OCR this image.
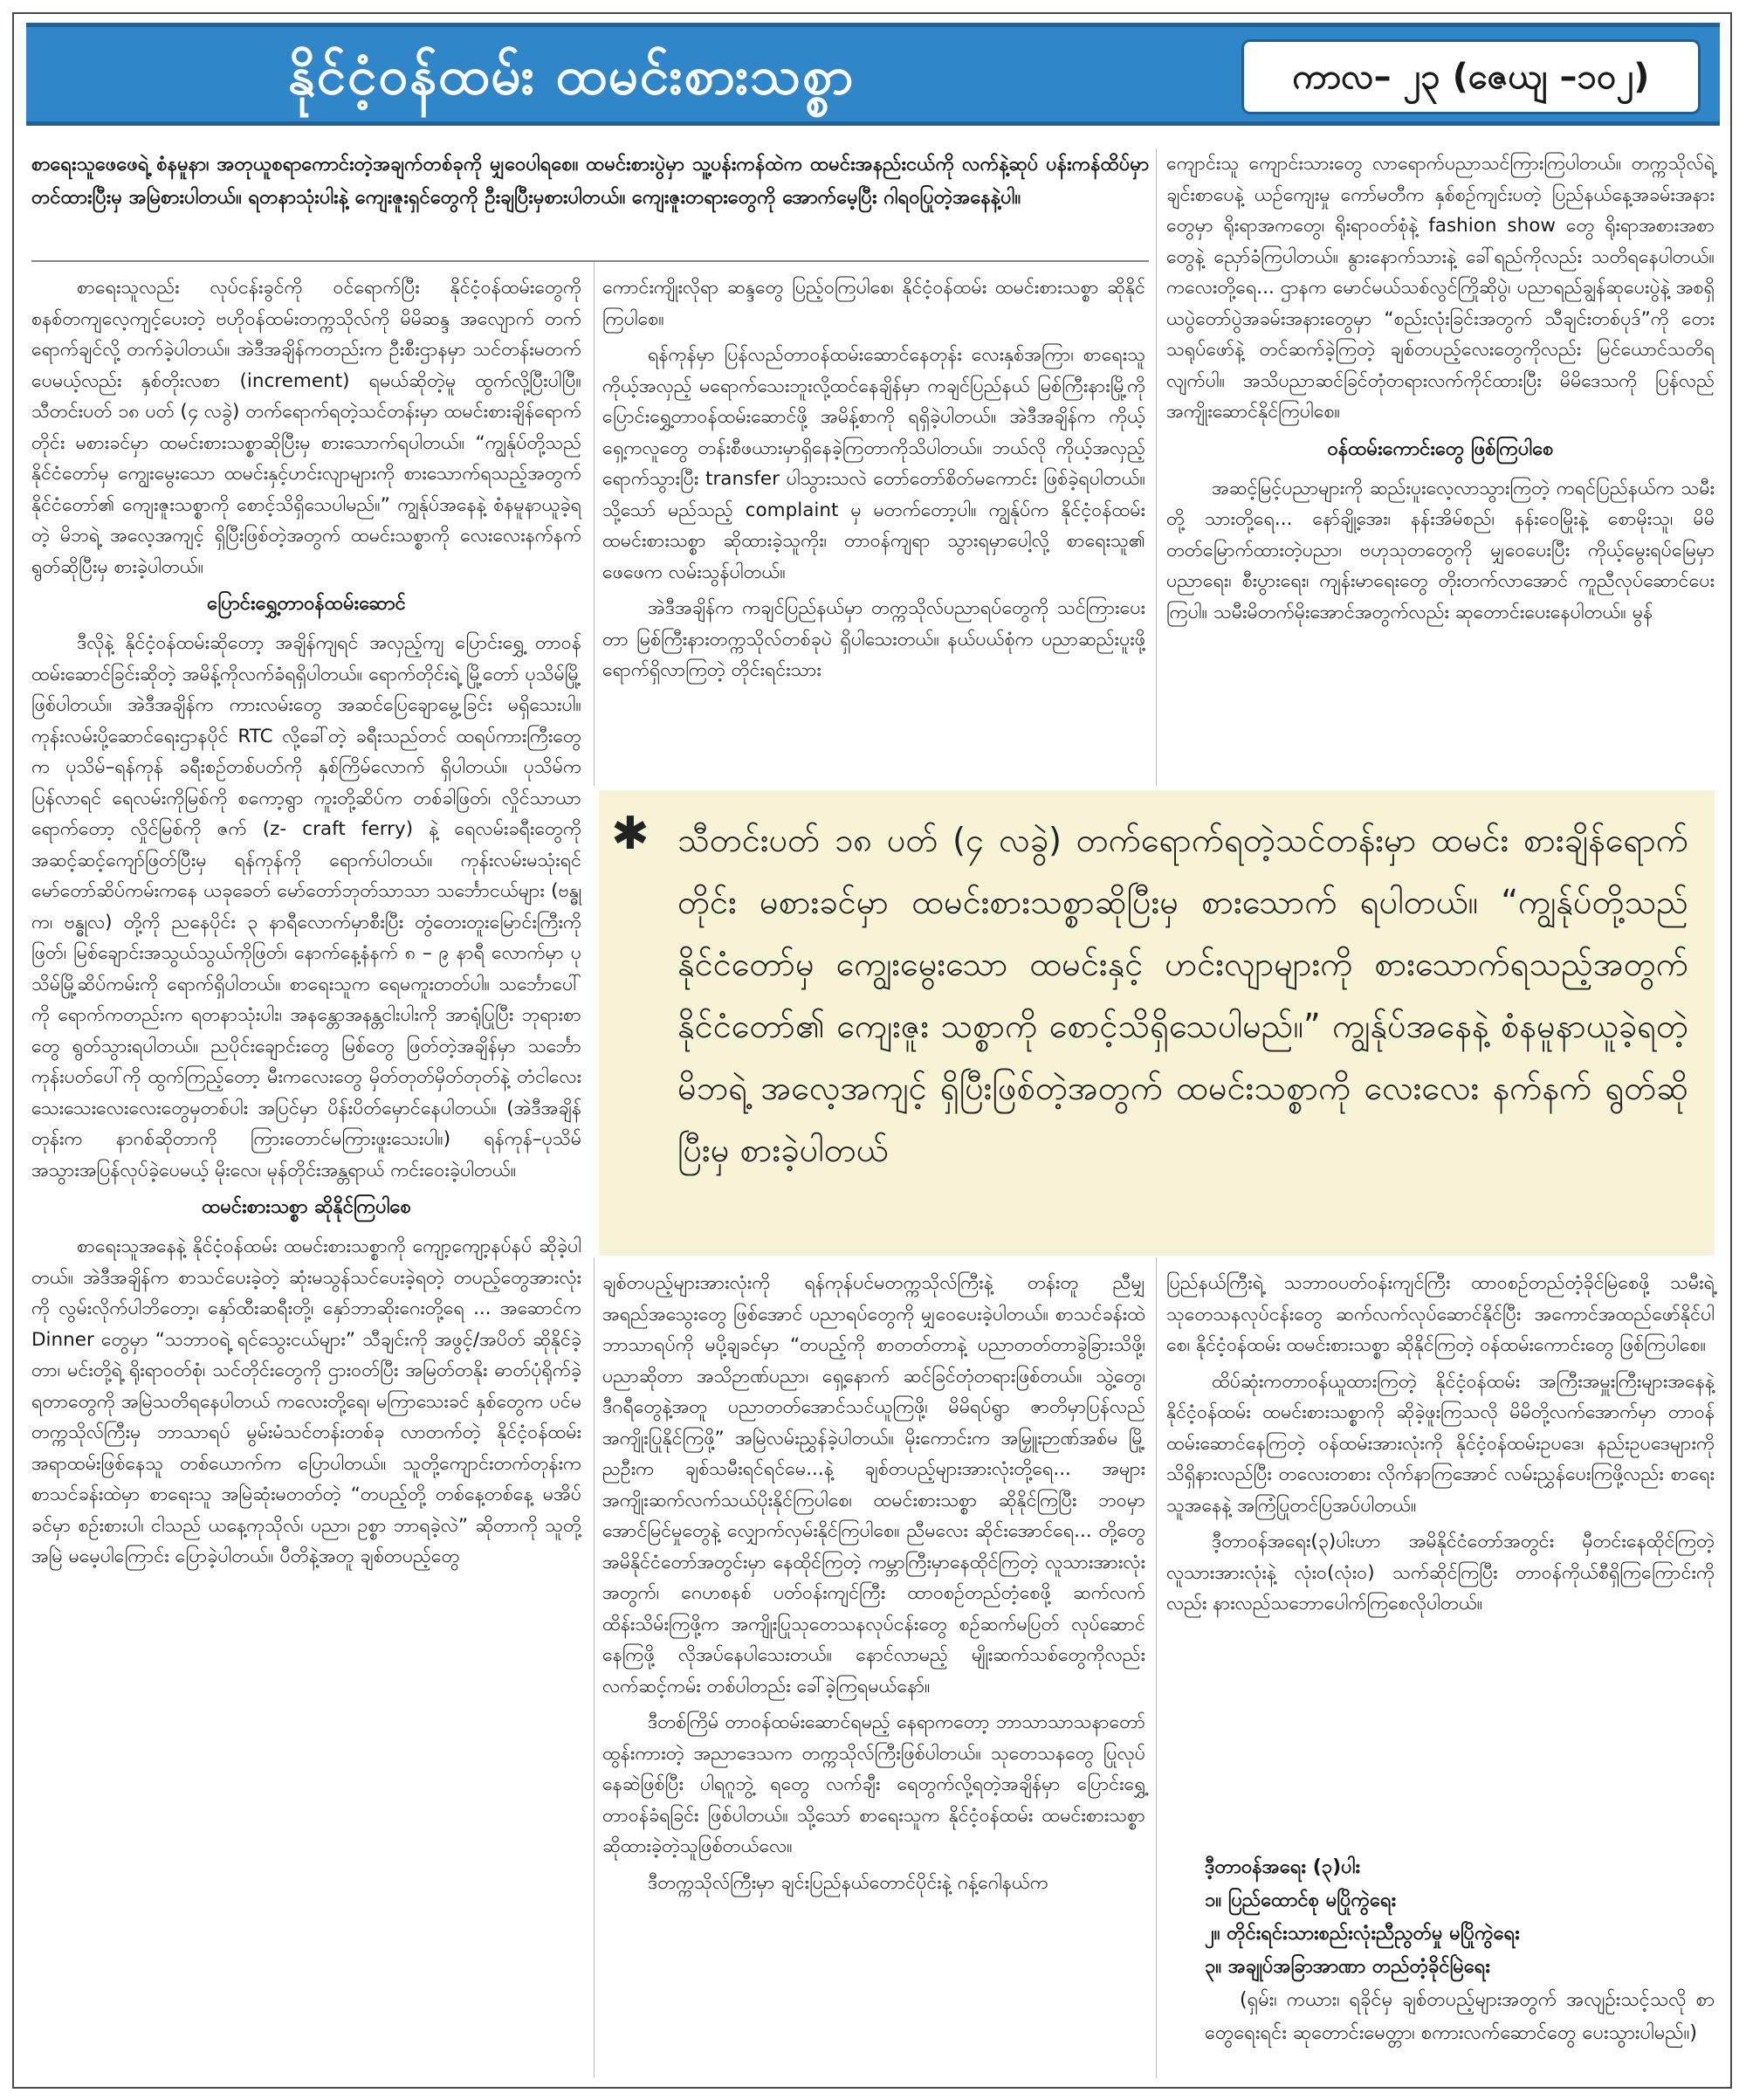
နိုင်ငံ့ဝန်ထမ်း ထမင်းစားသစ္စာ	ကာလ– ၂၃ (ဇေယျ –၁၀၂)
စာရေးသူဖေဖေရဲ့ စံနမူနာ၊ အတုယူစရာကောင်းတဲ့အချက်တစ်ခုကို မျှဝေပါရစေ။ ထမင်းစားပွဲမှာ သူ့ပန်းကန်ထဲက ထမင်းအနည်းငယ်ကို လက်နဲ့ဆုပ် ပန်းကန်ထိပ်မှာ တင်ထားပြီးမှ အမြဲစားပါတယ်။ ရတနာသုံးပါးနဲ့ ကျေးဇူးရှင်တွေကို ဦးချပြီးမှစားပါတယ်။ ကျေးဇူးတရားတွေကို အောက်မေ့ပြီး ဂါရဝပြုတဲ့အနေနဲ့ပါ။

စာရေးသူလည်း လုပ်ငန်းခွင်ကို ဝင်ရောက်ပြီး နိုင်ငံ့ဝန်ထမ်းတွေကို စနစ်တကျလေ့ကျင့်ပေးတဲ့ ဗဟိုဝန်ထမ်းတက္ကသိုလ်ကို မိမိဆန္ဒ အလျောက် တက်ရောက်ချင်လို့ တက်ခဲ့ပါတယ်။ အဲဒီအချိန်ကတည်းက ဦးစီးဌာနမှာ သင်တန်းမတက်ပေမယ့်လည်း နှစ်တိုးလစာ (increment) ရမယ်ဆိုတဲ့မူ ထွက်လို့ပြီးပါပြီ။ သီတင်းပတ် ၁၈ ပတ် (၄ လခွဲ) တက်ရောက်ရတဲ့သင်တန်းမှာ ထမင်းစားချိန်ရောက်တိုင်း မစားခင်မှာ ထမင်းစားသစ္စာဆိုပြီးမှ စားသောက်ရပါတယ်။ “ကျွန်ုပ်တို့သည် နိုင်ငံတော်မှ ကျွေးမွေးသော ထမင်းနှင့်ဟင်းလျာများကို စားသောက်ရသည့်အတွက် နိုင်ငံတော်၏ ကျေးဇူးသစ္စာကို စောင့်သိရှိသေပါမည်။” ကျွန်ုပ်အနေနဲ့ စံနမူနာယူခဲ့ရတဲ့ မိဘရဲ့ အလေ့အကျင့် ရှိပြီးဖြစ်တဲ့အတွက် ထမင်းသစ္စာကို လေးလေးနက်နက် ရွတ်ဆိုပြီးမှ စားခဲ့ပါတယ်။

ပြောင်းရွှေ့တာဝန်ထမ်းဆောင်

ဒီလိုနဲ့ နိုင်ငံ့ဝန်ထမ်းဆိုတော့ အချိန်ကျရင် အလှည့်ကျ ပြောင်းရွှေ့ တာဝန်ထမ်းဆောင်ခြင်းဆိုတဲ့ အမိန့်ကိုလက်ခံရရှိပါတယ်။ ရောက်တိုင်းရဲ့ မြို့တော် ပုသိမ်မြို့ ဖြစ်ပါတယ်။ အဲဒီအချိန်က ကားလမ်းတွေ အဆင်ပြေချောမွေ့ခြင်း မရှိသေးပါ။ ကုန်းလမ်းပို့ဆောင်ရေးဌာနပိုင် RTC လို့ခေါ်တဲ့ ခရီးသည်တင် ထရပ်ကားကြီးတွေက ပုသိမ်–ရန်ကုန် ခရီးစဉ်တစ်ပတ်ကို နှစ်ကြိမ်လောက် ရှိပါတယ်။ ပုသိမ်က ပြန်လာရင် ရေလမ်းကိုမြစ်ကို စကော့ရွာ ကူးတို့ဆိပ်က တစ်ခါဖြတ်၊ လှိုင်သာယာရောက်တော့ လှိုင်မြစ်ကို ဇက် (z- craft ferry) နဲ့ ရေလမ်းခရီးတွေကို အဆင့်ဆင့်ကျော်ဖြတ်ပြီးမှ ရန်ကုန်ကို ရောက်ပါတယ်။ ကုန်းလမ်းမသုံးရင် မော်တော်ဆိပ်ကမ်းကနေ ယခုခေတ် မော်တော်ဘုတ်သာသာ သင်္ဘောငယ်များ (ဗန္ဓုက၊ ဗန္ဓုလ) တို့ကို ညနေပိုင်း ၃ နာရီလောက်မှာစီးပြီး တွံတေးတူးမြောင်းကြီးကိုဖြတ်၊ မြစ်ချောင်းအသွယ်သွယ်ကိုဖြတ်၊ နောက်နေ့နံနက် ၈ – ၉ နာရီ လောက်မှာ ပုသိမ်မြို့ဆိပ်ကမ်းကို ရောက်ရှိပါတယ်။ စာရေးသူက ရေမကူးတတ်ပါ။ သင်္ဘောပေါ်ကို ရောက်ကတည်းက ရတနာသုံးပါး၊ အနန္တောအနန္တငါးပါးကို အာရုံပြုပြီး ဘုရားစာတွေ ရွတ်သွားရပါတယ်။ ညပိုင်းချောင်းတွေ မြစ်တွေ ဖြတ်တဲ့အချိန်မှာ သင်္ဘောကုန်းပတ်ပေါ်ကို ထွက်ကြည့်တော့ မီးကလေးတွေ မှိတ်တုတ်မှိတ်တုတ်နဲ့ တံငါလေးသေးသေးလေးလေးတွေမှတစ်ပါး အပြင်မှာ ပိန်းပိတ်မှောင်နေပါတယ်။ (အဲဒီအချိန်တုန်းက နာဂစ်ဆိုတာကို ကြားတောင်မကြားဖူးသေးပါ။) ရန်ကုန်–ပုသိမ် အသွားအပြန်လုပ်ခဲ့ပေမယ့် မိုးလေ၊ မုန်တိုင်းအန္တရာယ် ကင်းဝေးခဲ့ပါတယ်။

ထမင်းစားသစ္စာ ဆိုနိုင်ကြပါစေ

စာရေးသူအနေနဲ့ နိုင်ငံ့ဝန်ထမ်း ထမင်းစားသစ္စာကို ကျော့ကျော့နပ်နပ် ဆိုခဲ့ပါတယ်။ အဲဒီအချိန်က စာသင်ပေးခဲ့တဲ့ ဆုံးမသွန်သင်ပေးခဲ့ရတဲ့ တပည့်တွေအားလုံးကို လွမ်းလိုက်ပါဘိတော့၊ နှော်ထီးဆရီးတို့၊ နှော်ဘာဆိုးဂေးတို့ရေ ... အဆောင်က Dinner တွေမှာ “သဘာဝရဲ့ ရင်သွေးငယ်များ” သီချင်းကို အဖွင့်/အပိတ် ဆိုနိုင်ခဲ့တာ၊ မင်းတို့ရဲ့ ရိုးရာဝတ်စုံ၊ သင်တိုင်းတွေကို ဌားဝတ်ပြီး အမြတ်တနိုး ဓာတ်ပုံရိုက်ခဲ့ ရတာတွေကို အမြဲသတိရနေပါတယ် ကလေးတို့ရေ၊ မကြာသေးခင် နှစ်တွေက ပင်မတက္ကသိုလ်ကြီးမှ ဘာသာရပ် မွမ်းမံသင်တန်းတစ်ခု လာတက်တဲ့ နိုင်ငံ့ဝန်ထမ်း အရာထမ်းဖြစ်နေသူ တစ်ယောက်က ပြောပါတယ်။ သူတို့ကျောင်းတက်တုန်းက စာသင်ခန်းထဲမှာ စာရေးသူ အမြဲဆုံးမတတ်တဲ့ “တပည့်တို့ တစ်နေ့တစ်နေ့ မအိပ်ခင်မှာ စဉ်းစားပါ၊ ငါသည် ယနေ့ကုသိုလ်၊ ပညာ၊ ဥစ္စာ ဘာရခဲ့လဲ” ဆိုတာကို သူတို့ အမြဲ မမေ့ပါကြောင်း ပြောခဲ့ပါတယ်။ ပီတိနဲ့အတူ ချစ်တပည့်တွေ

ကောင်းကျိုးလိုရာ ဆန္ဒတွေ ပြည့်ဝကြပါစေ၊ နိုင်ငံ့ဝန်ထမ်း ထမင်းစားသစ္စာ ဆိုနိုင်ကြပါစေ။

ရန်ကုန်မှာ ပြန်လည်တာဝန်ထမ်းဆောင်နေတုန်း လေးနှစ်အကြာ၊ စာရေးသူ ကိုယ့်အလှည့် မရောက်သေးဘူးလို့ထင်နေချိန်မှာ ကချင်ပြည်နယ် မြစ်ကြီးနားမြို့ကို ပြောင်းရွှေ့တာဝန်ထမ်းဆောင်ဖို့ အမိန့်စာကို ရရှိခဲ့ပါတယ်။ အဲဒီအချိန်က ကိုယ့်ရှေ့ကလူတွေ တန်းစီဖယားမှာရှိနေခဲ့ကြတာကိုသိပါတယ်။ ဘယ်လို ကိုယ့်အလှည့်ရောက်သွားပြီး transfer ပါသွားသလဲ တော်တော်စိတ်မကောင်း ဖြစ်ခဲ့ရပါတယ်။ သို့သော် မည်သည့် complaint မှ မတက်တော့ပါ။ ကျွန်ုပ်က နိုင်ငံ့ဝန်ထမ်း ထမင်းစားသစ္စာ ဆိုထားခဲ့သူကိုး၊ တာဝန်ကျရာ သွားရမှာပေါ့လို့ စာရေးသူ၏ ဖေဖေက လမ်းသွန်ပါတယ်။

အဲဒီအချိန်က ကချင်ပြည်နယ်မှာ တက္ကသိုလ်ပညာရပ်တွေကို သင်ကြားပေးတာ မြစ်ကြီးနားတက္ကသိုလ်တစ်ခုပဲ ရှိပါသေးတယ်။ နယ်ပယ်စုံက ပညာဆည်းပူးဖို့ ရောက်ရှိလာကြတဲ့ တိုင်းရင်းသား

ကျောင်းသူ ကျောင်းသားတွေ လာရောက်ပညာသင်ကြားကြပါတယ်။ တက္ကသိုလ်ရဲ့ ချင်းစာပေနဲ့ ယဉ်ကျေးမှု ကော်မတီက နှစ်စဉ်ကျင်းပတဲ့ ပြည်နယ်နေ့အခမ်းအနားတွေမှာ ရိုးရာအကတွေ၊ ရိုးရာဝတ်စုံနဲ့ fashion show တွေ ရိုးရာအစားအစာတွေနဲ့ ညှော်ခံကြပါတယ်။ နွားနောက်သားနဲ့ ခေါ်ရည်ကိုလည်း သတိရနေပါတယ်။ ကလေးတို့ရေ... ဌာနက မောင်မယ်သစ်လွင်ကြိုဆိုပွဲ၊ ပညာရည်ချွန်ဆုပေးပွဲနဲ့ အစရှိယပွဲတော်ပွဲအခမ်းအနားတွေမှာ “စည်းလုံးခြင်းအတွက် သီချင်းတစ်ပုဒ်”ကို တေးသရုပ်ဖော်နဲ့ တင်ဆက်ခဲ့ကြတဲ့ ချစ်တပည့်လေးတွေကိုလည်း မြင်ယောင်သတိရလျက်ပါ။ အသိပညာဆင်ခြင်တုံတရားလက်ကိုင်ထားပြီး မိမိဒေသကို ပြန်လည်အကျိုးဆောင်နိုင်ကြပါစေ။

ဝန်ထမ်းကောင်းတွေ ဖြစ်ကြပါစေ

အဆင့်မြင့်ပညာများကို ဆည်းပူးလေ့လာသွားကြတဲ့ ကရင်ပြည်နယ်က သမီးတို့ သားတို့ရေ... နော်ချို့အေး၊ နန်းအိမ်စည်၊ နန်းဝေမြိုးနဲ့ စောမိုးသူ၊ မိမိတတ်မြောက်ထားတဲ့ပညာ၊ ဗဟုသုတတွေကို မျှဝေပေးပြီး ကိုယ့်မွေးရပ်မြေမှာ ပညာရေး၊ စီးပွားရေး၊ ကျန်းမာရေးတွေ တိုးတက်လာအောင် ကူညီလုပ်ဆောင်ပေးကြပါ။ သမီးမိတက်မိုးအောင်အတွက်လည်း ဆုတောင်းပေးနေပါတယ်။ မွန်

✱ သီတင်းပတ် ၁၈ ပတ် (၄ လခွဲ) တက်ရောက်ရတဲ့သင်တန်းမှာ ထမင်း စားချိန်ရောက်တိုင်း မစားခင်မှာ ထမင်းစားသစ္စာဆိုပြီးမှ စားသောက် ရပါတယ်။ “ကျွန်ုပ်တို့သည် နိုင်ငံတော်မှ ကျွေးမွေးသော ထမင်းနှင့် ဟင်းလျာများကို စားသောက်ရသည့်အတွက် နိုင်ငံတော်၏ ကျေးဇူး သစ္စာကို စောင့်သိရှိသေပါမည်။” ကျွန်ုပ်အနေနဲ့ စံနမူနာယူခဲ့ရတဲ့ မိဘရဲ့ အလေ့အကျင့် ရှိပြီးဖြစ်တဲ့အတွက် ထမင်းသစ္စာကို လေးလေး နက်နက် ရွတ်ဆိုပြီးမှ စားခဲ့ပါတယ်

ချစ်တပည့်များအားလုံးကို ရန်ကုန်ပင်မတက္ကသိုလ်ကြီးနဲ့ တန်းတူ ညီမျှ အရည်အသွေးတွေ ဖြစ်အောင် ပညာရပ်တွေကို မျှဝေပေးခဲ့ပါတယ်။ စာသင်ခန်းထဲ ဘာသာရပ်ကို မပို့ချခင်မှာ “တပည့်ကို စာတတ်တာနဲ့ ပညာတတ်တာခွဲခြားသိဖို့၊ ပညာဆိုတာ အသိဉာဏ်ပညာ၊ ရှေ့နောက် ဆင်ခြင်တုံတရားဖြစ်တယ်။ သွဲ့တွေ၊ ဒီဂရီတွေနဲ့အတူ ပညာတတ်အောင်သင်ယူကြဖို့၊ မိမိရပ်ရွာ ဇာတိမှာပြန်လည်အကျိုးပြုနိုင်ကြဖို့” အမြဲလမ်းညွှန်ခဲ့ပါတယ်။ မိုးကောင်းက အမြှူးဉာဏ်အစ်မ မြို့ညဦးက ချစ်သမီးရင်ရင်မေ...နဲ့ ချစ်တပည့်များအားလုံးတို့ရေ... အများအကျိုးဆက်လက်သယ်ပိုးနိုင်ကြပါစေ၊ ထမင်းစားသစ္စာ ဆိုနိုင်ကြပြီး ဘဝမှာ အောင်မြင်မှုတွေနဲ့ လျှောက်လှမ်းနိုင်ကြပါစေ။ ညီမလေး ဆိုင်းအောင်ရေ... တို့တွေ အမိနိုင်ငံတော်အတွင်းမှာ နေထိုင်ကြတဲ့ ကမ္ဘာကြီးမှာနေထိုင်ကြတဲ့ လူသားအားလုံးအတွက်၊ ဂေဟစနစ် ပတ်ဝန်းကျင်ကြီး ထာဝစဉ်တည်တံ့စေဖို့ ဆက်လက် ထိန်းသိမ်းကြဖို့က အကျိုးပြုသုတေသနလုပ်ငန်းတွေ စဉ်ဆက်မပြတ် လုပ်ဆောင်နေကြဖို့ လိုအပ်နေပါသေးတယ်။ နောင်လာမည့် မျိုးဆက်သစ်တွေကိုလည်း လက်ဆင့်ကမ်း တစ်ပါတည်း ခေါ်ခဲ့ကြရမယ်နော်။

ဒီတစ်ကြိမ် တာဝန်ထမ်းဆောင်ရမည့် နေရာကတော့ ဘာသာသာသနာတော်ထွန်းကားတဲ့ အညာဒေသက တက္ကသိုလ်ကြီးဖြစ်ပါတယ်။ သုတေသနတွေ ပြုလုပ်နေဆဲဖြစ်ပြီး ပါရဂူဘွဲ့ ရတွေ လက်ချီး ရေတွက်လို့ရတဲ့အချိန်မှာ ပြောင်းရွှေ့တာဝန်ခံရခြင်း ဖြစ်ပါတယ်။ သို့သော် စာရေးသူက နိုင်ငံ့ဝန်ထမ်း ထမင်းစားသစ္စာ ဆိုထားခဲ့တဲ့သူဖြစ်တယ်လေ။

ဒီတက္ကသိုလ်ကြီးမှာ ချင်းပြည်နယ်တောင်ပိုင်းနဲ့ ဂန့်ဂေါနယ်က

ပြည်နယ်ကြီးရဲ့ သဘာဝပတ်ဝန်းကျင်ကြီး ထာဝစဉ်တည်တံ့ခိုင်မြဲစေဖို့ သမီးရဲ့ သုတေသနလုပ်ငန်းတွေ ဆက်လက်လုပ်ဆောင်နိုင်ပြီး အကောင်အထည်ဖော်နိုင်ပါစေ၊ နိုင်ငံ့ဝန်ထမ်း ထမင်းစားသစ္စာ ဆိုနိုင်ကြတဲ့ ဝန်ထမ်းကောင်းတွေ ဖြစ်ကြပါစေ။

ထိပ်ဆုံးကတာဝန်ယူထားကြတဲ့ နိုင်ငံ့ဝန်ထမ်း အကြီးအမှူးကြီးများအနေနဲ့ နိုင်ငံ့ဝန်ထမ်း ထမင်းစားသစ္စာကို ဆိုခဲ့ဖူးကြသလို မိမိတို့လက်အောက်မှာ တာဝန်ထမ်းဆောင်နေကြတဲ့ ဝန်ထမ်းအားလုံးကို နိုင်ငံ့ဝန်ထမ်းဥပဒေ၊ နည်းဥပဒေများကို သိရှိနားလည်ပြီး တလေးတစား လိုက်နာကြအောင် လမ်းညွှန်ပေးကြဖို့လည်း စာရေးသူအနေနဲ့ အကြံပြုတင်ပြအပ်ပါတယ်။

ဒီ့တာဝန်အရေး(၃)ပါးဟာ အမိနိုင်ငံတော်အတွင်း မှီတင်းနေထိုင်ကြတဲ့ လူသားအားလုံးနဲ့ လုံး၀(လုံး၀) သက်ဆိုင်ကြပြီး တာဝန်ကိုယ်စီရှိကြကြောင်းကိုလည်း နားလည်သဘောပေါက်ကြစေလိုပါတယ်။

ဒီ့တာဝန်အရေး (၃)ပါး

၁။ ပြည်ထောင်စု မပြိုကွဲရေး

၂။ တိုင်းရင်းသားစည်းလုံးညီညွတ်မှု မပြိုကွဲရေး

၃။ အချုပ်အခြာအာဏာ တည်တံ့ခိုင်မြဲရေး

(ရှမ်း၊ ကယား၊ ရခိုင်မှ ချစ်တပည့်များအတွက် အလျဉ်းသင့်သလို စာတွေရေးရင်း ဆုတောင်းမေတ္တာ၊ စကားလက်ဆောင်တွေ ပေးသွားပါမည်။)
